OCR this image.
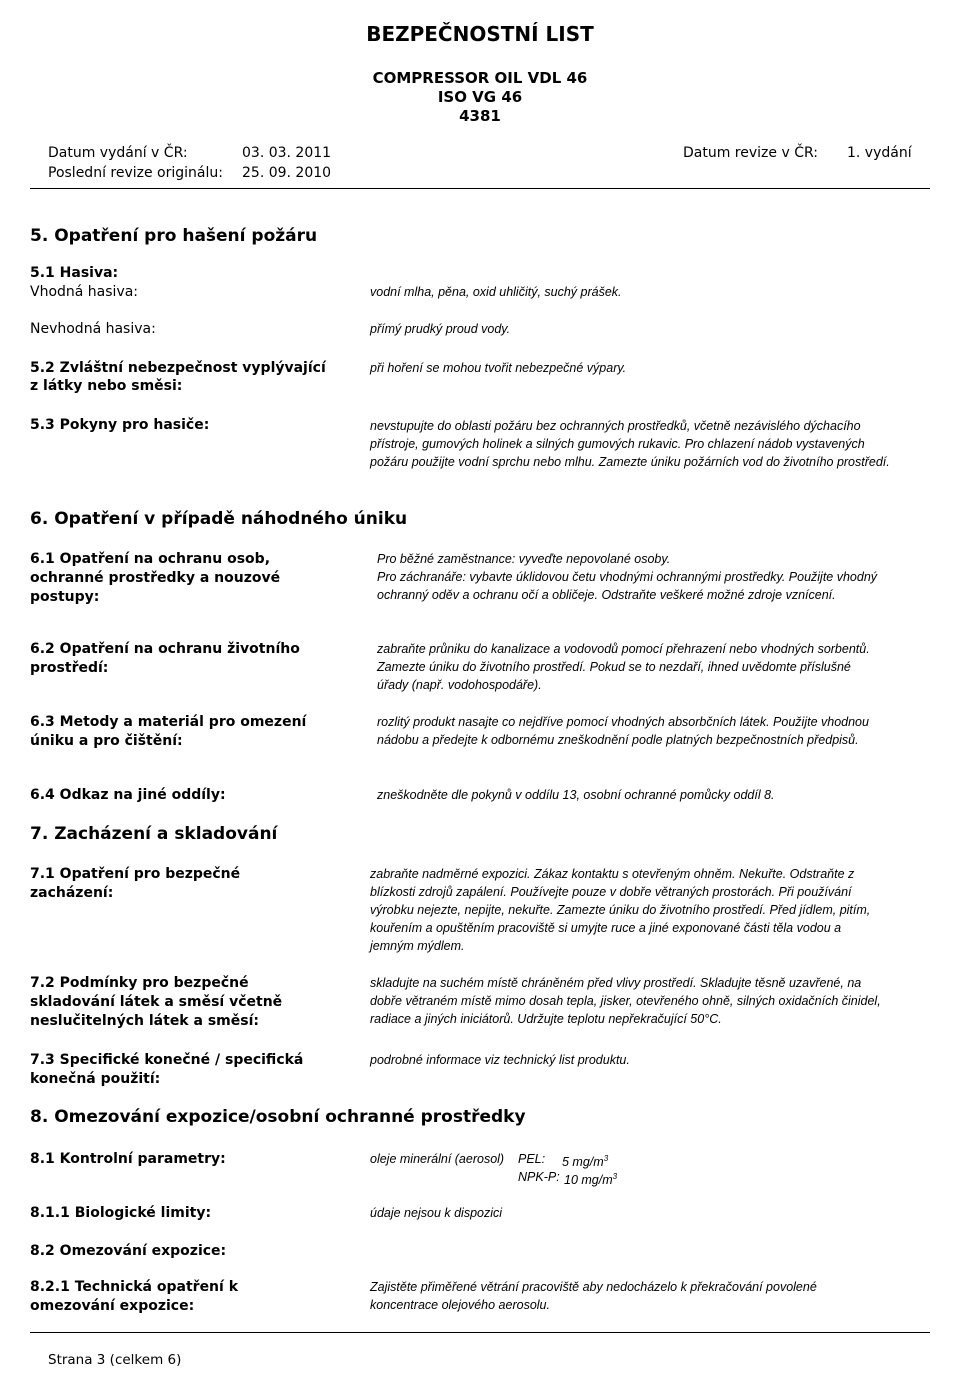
BEZPEČNOSTNÍ LIST
COMPRESSOR OIL VDL 46
ISO VG 46
4381
Datum vydání v ČR:	03. 03. 2011	Datum revize v ČR: 1. vydání
Poslední revize originálu: 25. 09. 2010
5. Opatření pro hašení požáru
5.1 Hasiva:
Vhodná hasiva:	vodní mlha, pěna, oxid uhličitý, suchý prášek.
Nevhodná hasiva:	přímý prudký proud vody.
5.2 Zvláštní nebezpečnost vyplývající
z látky nebo směsi:
při hoření se mohou tvořit nebezpečné výpary.
5.3 Pokyny pro hasiče:	nevstupujte do oblasti požáru bez ochranných prostředků, včetně nezávislého dýchacího přístroje, gumových holinek a silných gumových rukavic. Pro chlazení nádob vystavených požáru použijte vodní sprchu nebo mlhu. Zamezte úniku požárních vod do životního prostředí.
6. Opatření v případě náhodného úniku
6.1 Opatření na ochranu osob, ochranné prostředky a nouzové postupy:
Pro běžné zaměstnance: vyveďte nepovolané osoby.
Pro záchranáře: vybavte úklidovou četu vhodnými ochrannými prostředky. Použijte vhodný ochranný oděv a ochranu očí a obličeje. Odstraňte veškeré možné zdroje vznícení.
6.2 Opatření na ochranu životního prostředí:
zabraňte průniku do kanalizace a vodovodů pomocí přehrazení nebo vhodných sorbentů. Zamezte úniku do životního prostředí. Pokud se to nezdaří, ihned uvědomte příslušné úřady (např. vodohospodáře).
6.3 Metody a materiál pro omezení úniku a pro čištění:
rozlitý produkt nasajte co nejdříve pomocí vhodných absorbčních látek. Použijte vhodnou nádobu a předejte k odbornému zneškodnění podle platných bezpečnostních předpisů.
6.4 Odkaz na jiné oddíly:	zneškodněte dle pokynů v oddílu 13, osobní ochranné pomůcky oddíl 8.
7. Zacházení a skladování
7.1 Opatření pro bezpečné zacházení:
zabraňte nadměrné expozici. Zákaz kontaktu s otevřeným ohněm. Nekuřte. Odstraňte z blízkosti zdrojů zapálení. Používejte pouze v dobře větraných prostorách. Při používání výrobku nejezte, nepijte, nekuřte. Zamezte úniku do životního prostředí. Před jídlem, pitím, kouřením a opuštěním pracoviště si umyjte ruce a jiné exponované části těla vodou a jemným mýdlem.
7.2 Podmínky pro bezpečné skladování látek a směsí včetně neslučitelných látek a směsí:
skladujte na suchém místě chráněném před vlivy prostředí. Skladujte těsně uzavřené, na dobře větraném místě mimo dosah tepla, jisker, otevřeného ohně, silných oxidačních činidel, radiace a jiných iniciátorů. Udržujte teplotu nepřekračující 50°C.
7.3 Specifické konečné / specifická konečná použití:
podrobné informace viz technický list produktu.
8. Omezování expozice/osobní ochranné prostředky
8.1 Kontrolní parametry:	oleje minerální (aerosol) PEL: 5 $mg/m^3$
NPK-P: 10 $mg/m^3$
8.1.1 Biologické limity:	údaje nejsou k dispozici
8.2 Omezování expozice:
8.2.1 Technická opatření k omezování expozice:
Zajistěte přiměřené větrání pracoviště aby nedocházelo k překračování povolené koncentrace olejového aerosolu.
Strana 3 (celkem 6)
